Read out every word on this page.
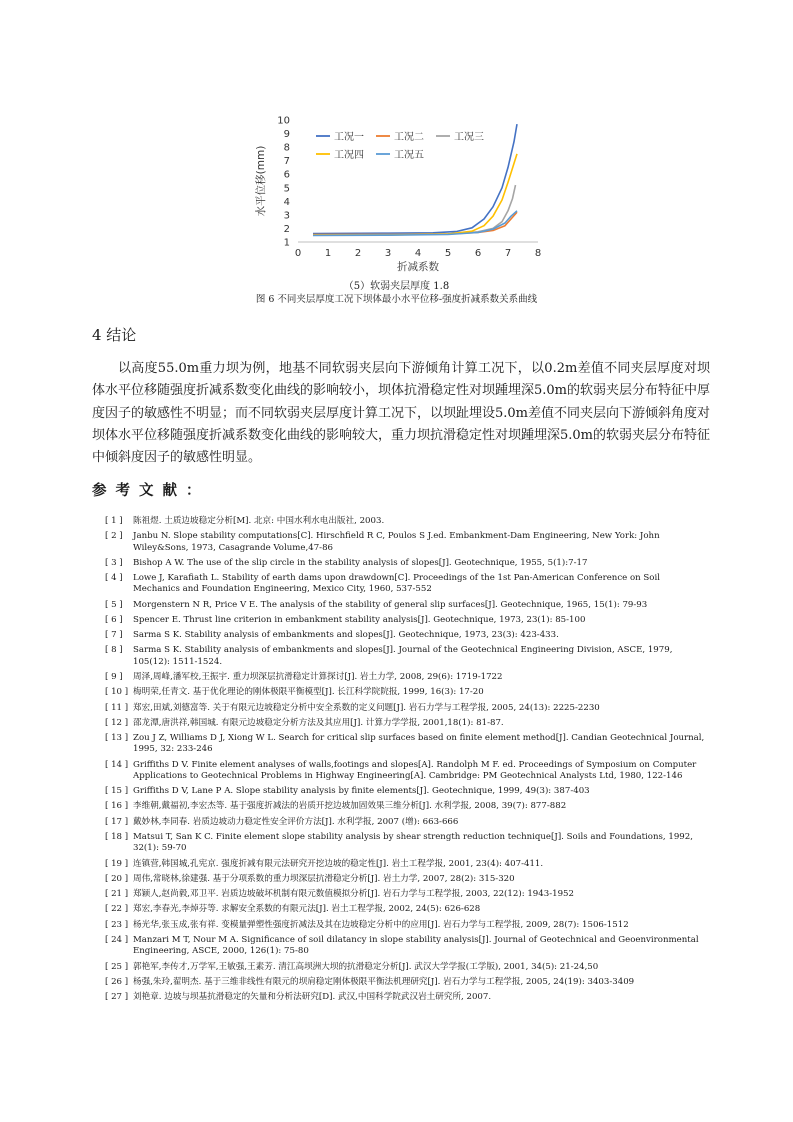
0 1 2 3 4 5 6 7 8
1
2
3
4
5
6
7
8
9
10
折减系数
水平位移(mm)
工况一	工况二	工况三
工况四	工况五
（5）软弱夹层厚度 1.8
图 6 不同夹层厚度工况下坝体最小水平位移-强度折减系数关系曲线
4 结论
以高度55.0m重力坝为例，地基不同软弱夹层向下游倾角计算工况下，以0.2m差值不同夹层厚度对坝体水平位移随强度折减系数变化曲线的影响较小，坝体抗滑稳定性对坝踵埋深5.0m的软弱夹层分布特征中厚度因子的敏感性不明显；而不同软弱夹层厚度计算工况下，以坝趾埋设5.0m差值不同夹层向下游倾斜角度对坝体水平位移随强度折减系数变化曲线的影响较大，重力坝抗滑稳定性对坝踵埋深5.0m的软弱夹层分布特征中倾斜度因子的敏感性明显。
参考文献：
[ 1 ]	陈祖煜. 土质边坡稳定分析[M]. 北京: 中国水利水电出版社, 2003.
[ 2 ]	Janbu N. Slope stability computations[C]. Hirschfield R C, Poulos S J.ed. Embankment-Dam Engineering, New York: John Wiley&Sons, 1973, Casagrande Volume,47-86
[ 3 ]	Bishop A W. The use of the slip circle in the stability analysis of slopes[J]. Geotechnique, 1955, 5(1):7-17
[ 4 ]	Lowe J, Karafiath L. Stability of earth dams upon drawdown[C]. Proceedings of the 1st Pan-American Conference on Soil Mechanics and Foundation Engineering, Mexico City, 1960, 537-552
[ 5 ]	Morgenstern N R, Price V E. The analysis of the stability of general slip surfaces[J]. Geotechnique, 1965, 15(1): 79-93
[ 6 ]	Spencer E. Thrust line criterion in embankment stability analysis[J]. Geotechnique, 1973, 23(1): 85-100
[ 7 ]	Sarma S K. Stability analysis of embankments and slopes[J]. Geotechnique, 1973, 23(3): 423-433.
[ 8 ]	Sarma S K. Stability analysis of embankments and slopes[J]. Journal of the Geotechnical Engineering Division, ASCE, 1979, 105(12): 1511-1524.
[ 9 ]	周泽,周峰,潘军校,王振宇. 重力坝深层抗滑稳定计算探讨[J]. 岩土力学, 2008, 29(6): 1719-1722
[ 10 ] 梅明荣,任青文. 基于优化理论的刚体极限平衡模型[J]. 长江科学院院报, 1999, 16(3): 17-20
[ 11 ] 郑宏,田斌,刘德富等. 关于有限元边坡稳定分析中安全系数的定义问题[J]. 岩石力学与工程学报, 2005, 24(13): 2225-2230
[ 12 ] 邵龙潭,唐洪祥,韩国城. 有限元边坡稳定分析方法及其应用[J]. 计算力学学报, 2001,18(1): 81-87.
[ 13 ] Zou J Z, Williams D J, Xiong W L. Search for critical slip surfaces based on finite element method[J]. Candian Geotechnical Journal, 1995, 32: 233-246
[ 14 ] Griffiths D V. Finite element analyses of walls,footings and slopes[A]. Randolph M F. ed. Proceedings of Symposium on Computer Applications to Geotechnical Problems in Highway Engineering[A]. Cambridge: PM Geotechnical Analysts Ltd, 1980, 122-146
[ 15 ] Griffiths D V, Lane P A. Slope stability analysis by finite elements[J]. Geotechnique, 1999, 49(3): 387-403
[ 16 ] 李维朝,戴福初,李宏杰等. 基于强度折减法的岩质开挖边坡加固效果三维分析[J]. 水利学报, 2008, 39(7): 877-882
[ 17 ] 戴妙林,李同春. 岩质边坡动力稳定性安全评价方法[J]. 水利学报, 2007 (增): 663-666
[ 18 ] Matsui T, San K C. Finite element slope stability analysis by shear strength reduction technique[J]. Soils and Foundations, 1992, 32(1): 59-70
[ 19 ] 连镇营,韩国城,孔宪京. 强度折减有限元法研究开挖边坡的稳定性[J]. 岩土工程学报, 2001, 23(4): 407-411.
[ 20 ] 周伟,常晓林,徐建强. 基于分项系数的重力坝深层抗滑稳定分析[J]. 岩土力学, 2007, 28(2): 315-320
[ 21 ] 郑颖人,赵尚毅,邓卫平. 岩质边坡破坏机制有限元数值模拟分析[J]. 岩石力学与工程学报, 2003, 22(12): 1943-1952
[ 22 ] 郑宏,李春光,李焯芬等. 求解安全系数的有限元法[J]. 岩土工程学报, 2002, 24(5): 626-628
[ 23 ] 杨光华,张玉成,张有祥. 变模量弹塑性强度折减法及其在边坡稳定分析中的应用[J]. 岩石力学与工程学报, 2009, 28(7): 1506-1512
[ 24 ] Manzari M T, Nour M A. Significance of soil dilatancy in slope stability analysis[J]. Journal of Geotechnical and Geoenvironmental Engineering, ASCE, 2000, 126(1): 75-80
[ 25 ] 郭艳军,李传才,万学军,王敏强,王素芳. 清江高坝洲大坝的抗滑稳定分析[J]. 武汉大学学报(工学版), 2001, 34(5): 21-24,50
[ 26 ] 杨强,朱玲,翟明杰. 基于三维非线性有限元的坝肩稳定刚体极限平衡法机理研究[J]. 岩石力学与工程学报, 2005, 24(19): 3403-3409
[ 27 ] 刘艳章. 边坡与坝基抗滑稳定的矢量和分析法研究[D]. 武汉,中国科学院武汉岩土研究所, 2007.
